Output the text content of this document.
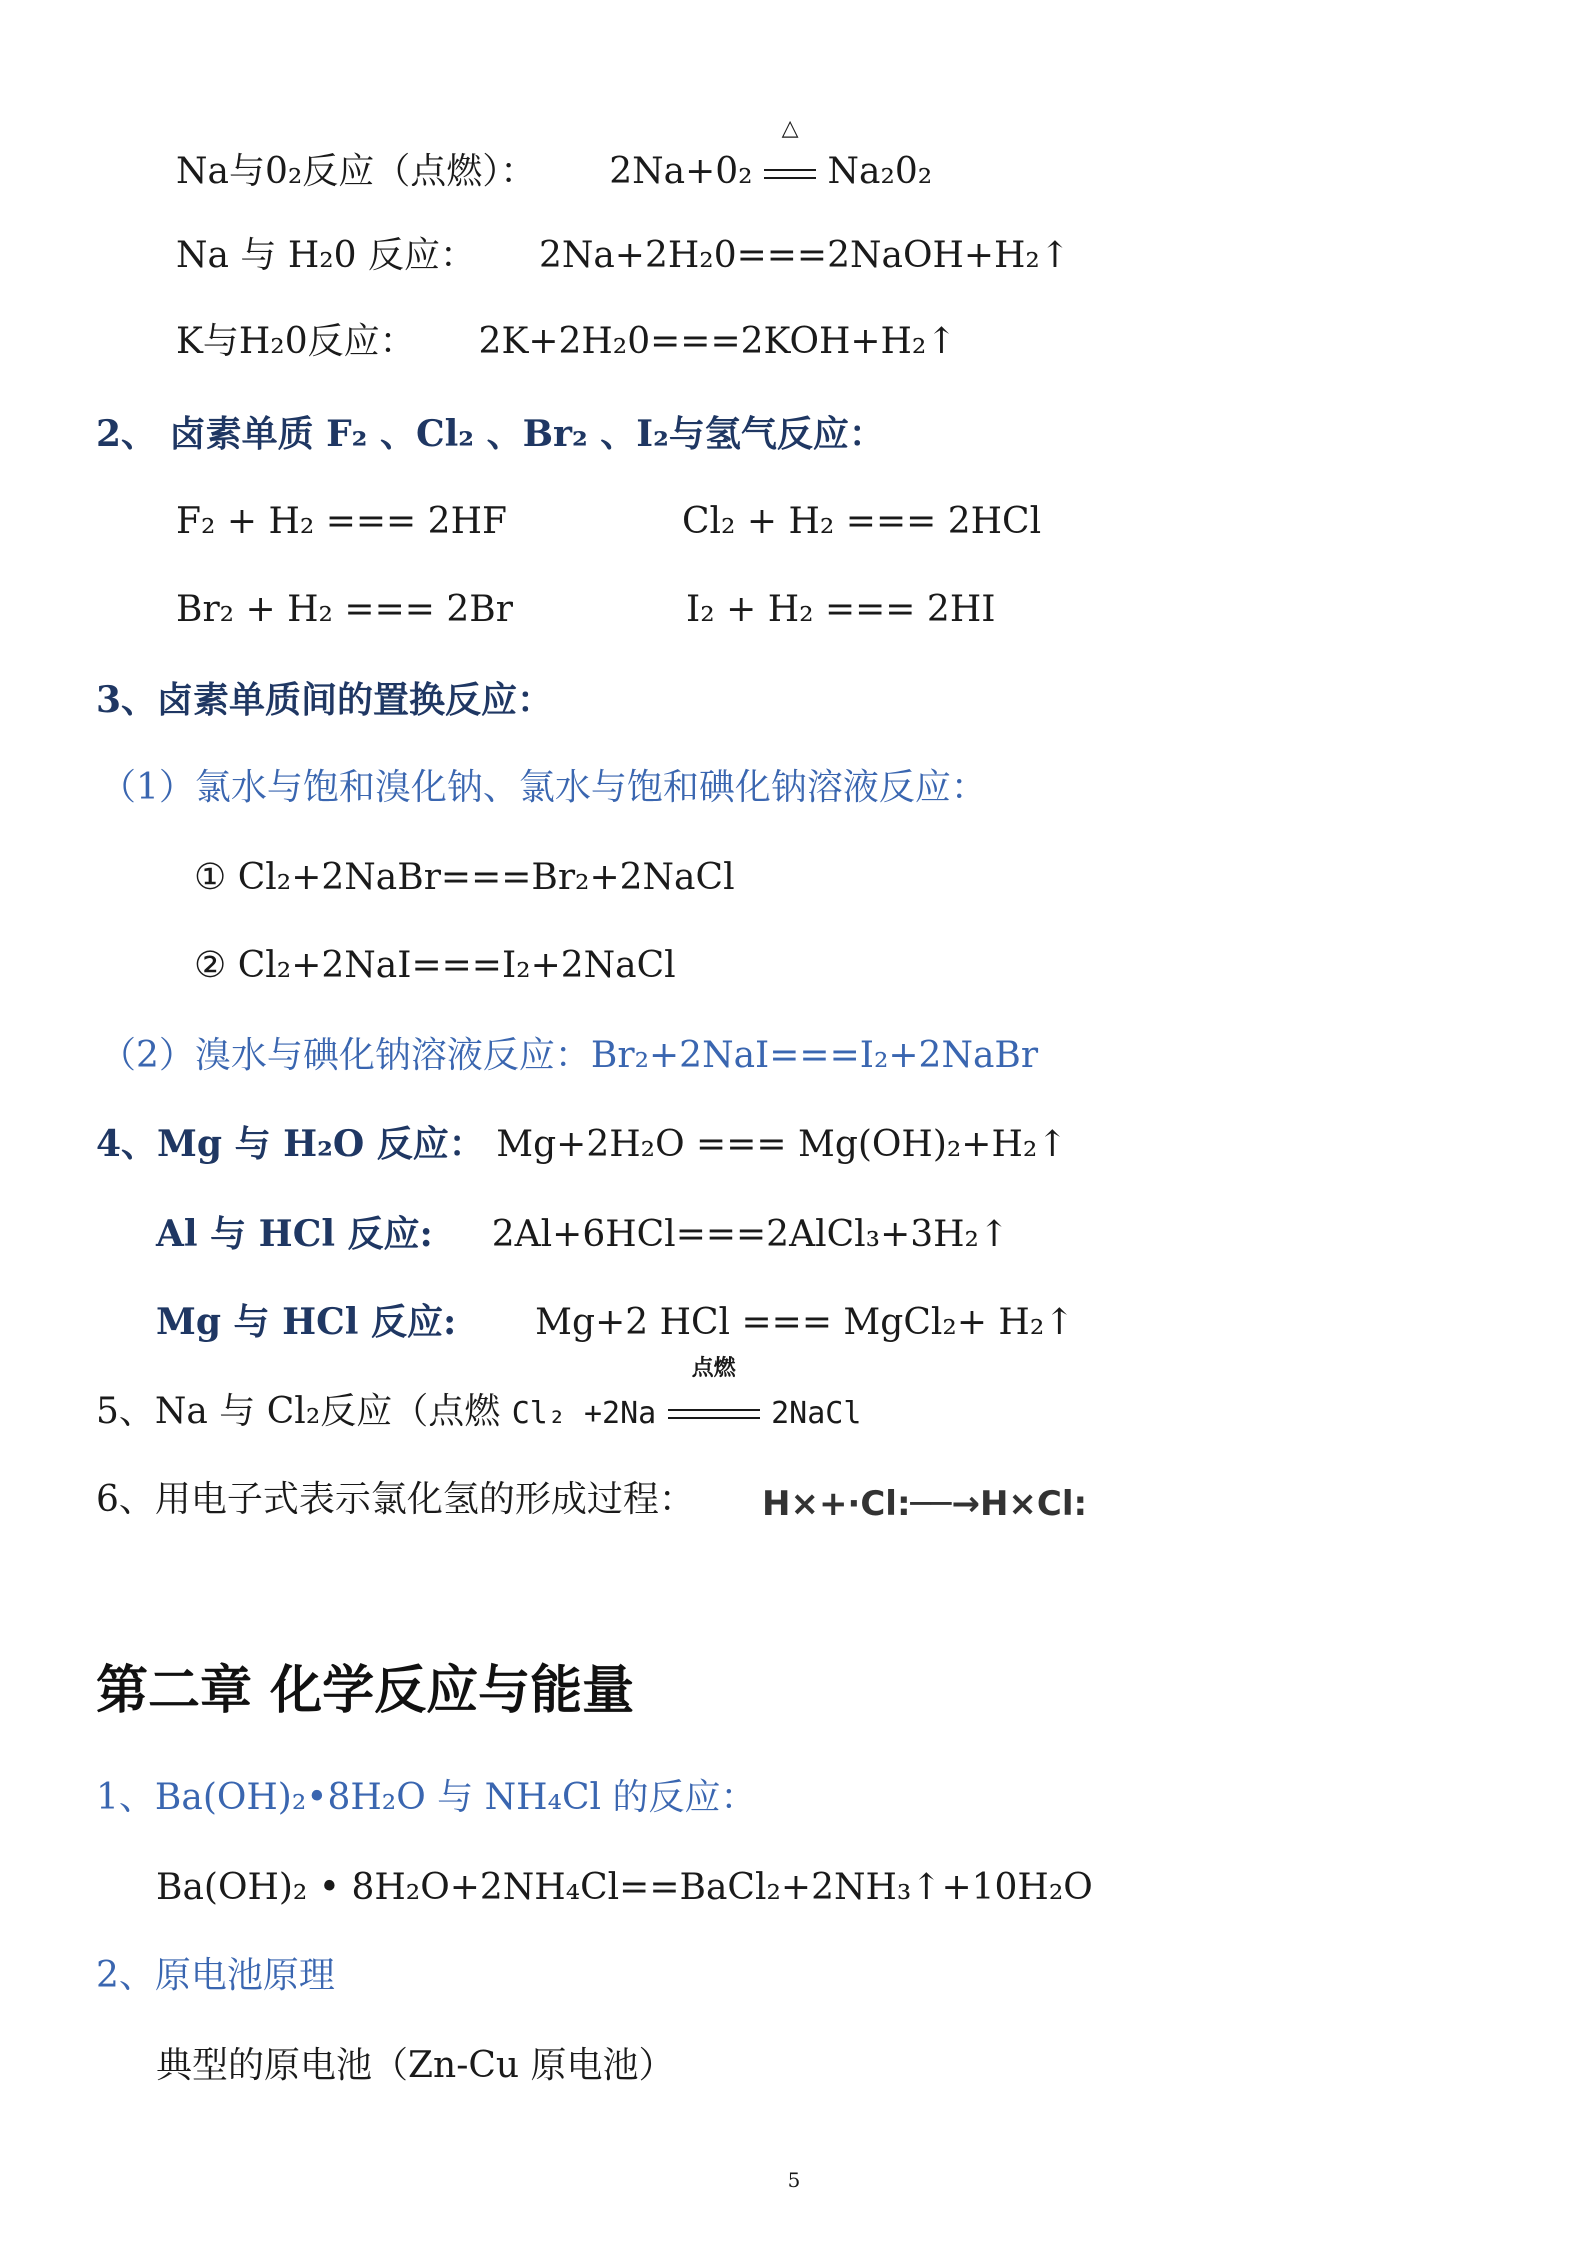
Na与0₂反应（点燃）： 2Na+0₂
△
Na₂0₂
Na 与 H₂0 反应： 2Na+2H₂0===2NaOH+H₂↑
K与H₂0反应： 2K+2H₂0===2KOH+H₂↑
2、 卤素单质 F₂ 、Cl₂ 、Br₂ 、I₂与氢气反应：
F₂ + H₂ === 2HF	Cl₂ + H₂ === 2HCl
Br₂ + H₂ === 2Br	I₂ + H₂ === 2HI
3、卤素单质间的置换反应：
（1）氯水与饱和溴化钠、氯水与饱和碘化钠溶液反应：
① Cl₂+2NaBr===Br₂+2NaCl
② Cl₂+2NaI===I₂+2NaCl
（2）溴水与碘化钠溶液反应：Br₂+2NaI===I₂+2NaBr
4、Mg 与 H₂O 反应： Mg+2H₂O === Mg(OH)₂+H₂↑
Al 与 HCl 反应: 2Al+6HCl===2AlCl₃+3H₂↑
Mg 与 HCl 反应: Mg+2 HCl === MgCl₂+ H₂↑
5、Na 与 Cl₂反应（点燃 Cl₂ +2Na
点燃
2NaCl
6、用电子式表示氯化氢的形成过程： H×+·Cl:──→H×Cl:
第二章 化学反应与能量
1、Ba(OH)₂•8H₂O 与 NH₄Cl 的反应：
Ba(OH)₂ • 8H₂O+2NH₄Cl==BaCl₂+2NH₃↑+10H₂O
2、原电池原理
典型的原电池（Zn-Cu 原电池）
5
